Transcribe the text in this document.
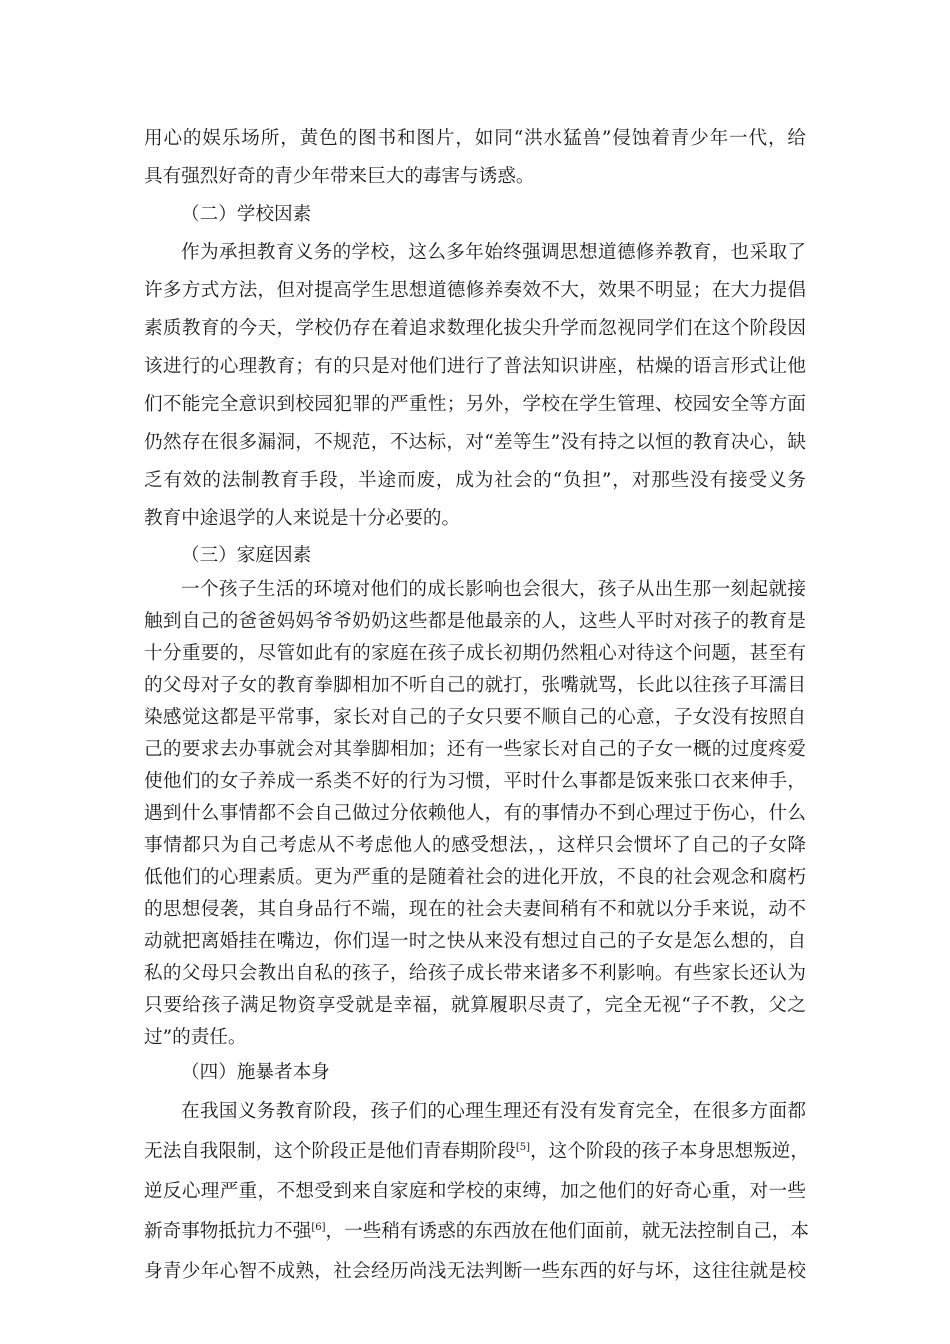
用心的娱乐场所，黄色的图书和图片，如同“洪水猛兽”侵蚀着青少年一代，给
具有强烈好奇的青少年带来巨大的毒害与诱惑。
（二）学校因素
作为承担教育义务的学校，这么多年始终强调思想道德修养教育，也采取了
许多方式方法，但对提高学生思想道德修养奏效不大，效果不明显；在大力提倡
素质教育的今天，学校仍存在着追求数理化拔尖升学而忽视同学们在这个阶段因
该进行的心理教育；有的只是对他们进行了普法知识讲座，枯燥的语言形式让他
们不能完全意识到校园犯罪的严重性；另外，学校在学生管理、校园安全等方面
仍然存在很多漏洞，不规范，不达标，对“差等生”没有持之以恒的教育决心，缺
乏有效的法制教育手段，半途而废，成为社会的“负担”，对那些没有接受义务
教育中途退学的人来说是十分必要的。
（三）家庭因素
一个孩子生活的环境对他们的成长影响也会很大，孩子从出生那一刻起就接
触到自己的爸爸妈妈爷爷奶奶这些都是他最亲的人，这些人平时对孩子的教育是
十分重要的，尽管如此有的家庭在孩子成长初期仍然粗心对待这个问题，甚至有
的父母对子女的教育拳脚相加不听自己的就打，张嘴就骂，长此以往孩子耳濡目
染感觉这都是平常事，家长对自己的子女只要不顺自己的心意，子女没有按照自
己的要求去办事就会对其拳脚相加；还有一些家长对自己的子女一概的过度疼爱
使他们的女子养成一系类不好的行为习惯，平时什么事都是饭来张口衣来伸手，
遇到什么事情都不会自己做过分依赖他人，有的事情办不到心理过于伤心，什么
事情都只为自己考虑从不考虑他人的感受想法，，这样只会惯坏了自己的子女降
低他们的心理素质。更为严重的是随着社会的进化开放，不良的社会观念和腐朽
的思想侵袭，其自身品行不端，现在的社会夫妻间稍有不和就以分手来说，动不
动就把离婚挂在嘴边，你们逞一时之快从来没有想过自己的子女是怎么想的，自
私的父母只会教出自私的孩子，给孩子成长带来诸多不利影响。有些家长还认为
只要给孩子满足物资享受就是幸福，就算履职尽责了，完全无视“子不教，父之
过”的责任。
（四）施暴者本身
在我国义务教育阶段，孩子们的心理生理还有没有发育完全，在很多方面都
无法自我限制，这个阶段正是他们青春期阶段[5]，这个阶段的孩子本身思想叛逆，
逆反心理严重，不想受到来自家庭和学校的束缚，加之他们的好奇心重，对一些
新奇事物抵抗力不强[6]，一些稍有诱惑的东西放在他们面前，就无法控制自己，本
身青少年心智不成熟，社会经历尚浅无法判断一些东西的好与坏，这往往就是校
